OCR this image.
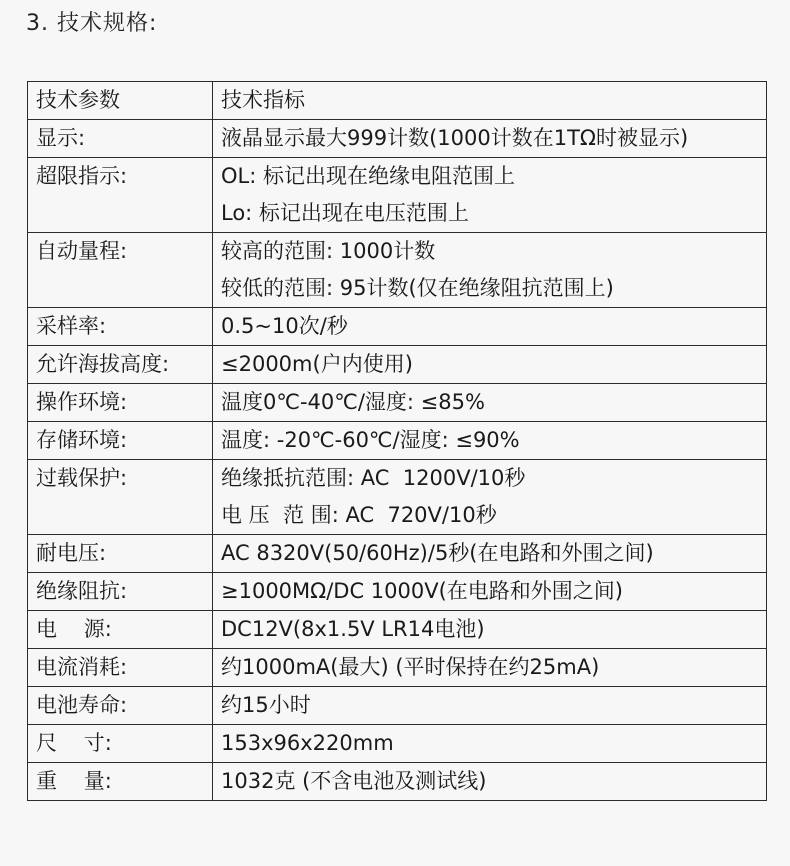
3. 技术规格:
技术参数	技术指标
显示:	液晶显示最大999计数(1000计数在1TΩ时被显示)

超限指示:	OL: 标记出现在绝缘电阻范围上
Lo: 标记出现在电压范围上

自动量程:	较高的范围: 1000计数
较低的范围: 95计数(仅在绝缘阻抗范围上)

采样率:	0.5~10次/秒

允许海拔高度:	≤2000m(户内使用)

操作环境:	温度0℃-40℃/湿度: ≤85%

存储环境:	温度: -20℃-60℃/湿度: ≤90%

过载保护:	绝缘抵抗范围: AC  1200V/10秒
电 压  范 围: AC  720V/10秒

耐电压:	AC 8320V(50/60Hz)/5秒(在电路和外围之间)

绝缘阻抗:	≥1000MΩ/DC 1000V(在电路和外围之间)

电    源:	DC12V(8x1.5V LR14电池)

电流消耗:	约1000mA(最大) (平时保持在约25mA)

电池寿命:	约15小时

尺    寸:	153x96x220mm

重    量:	1032克 (不含电池及测试线)
